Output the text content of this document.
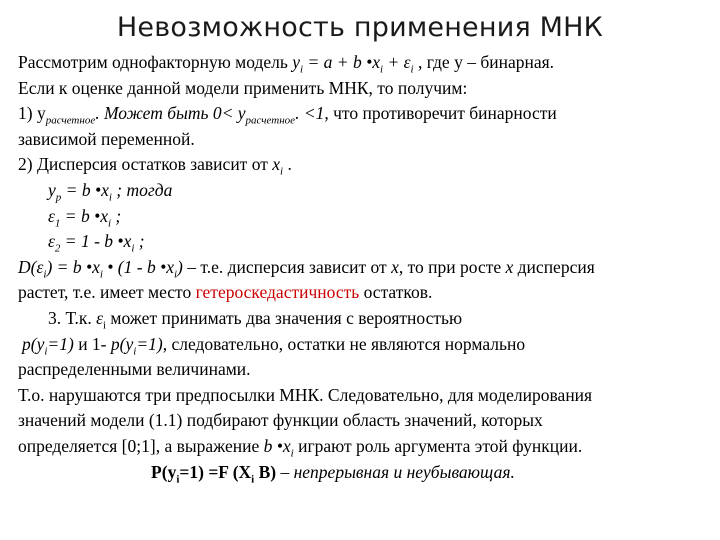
Невозможность применения МНК
Рассмотрим однофакторную модель $y_i = a + b$ $•x_i + \varepsilon_i$ , где y – бинарная.
Если к оценке данной модели применить МНК, то получим:
1) $y_{расчетное}$. Может быть $0< y_{расчетное}$. <1, что противоречит бинарности
зависимой переменной.
2) Дисперсия остатков зависит от $x_i$ .
$y_p = b$ $•x_i$ ; тогда
$\varepsilon_1 = b$ $•x_i$ ;
$\varepsilon_2 = 1 - b$ $•x_i$ ;
$D(\varepsilon_i) = b$ $•x_i$ • (1 - b $•x_i) - т.е$. дисперсия зависит от x, то при росте x дисперсия
растет, т.е. имеет место гетероскедастичность остатков.
3. Т.к. $\varepsilon_i$ может принимать два значения с вероятностью
$p(y_i=1)$ и 1- $p(y_i=1)$, следовательно, остатки не являются нормально
распределенными величинами.
Т.о. нарушаются три предпосылки МНК. Следовательно, для моделирования
значений модели (1.1) подбирают функции область значений, которых
определяется [0;1], а выражение b $•x_i$ играют роль аргумента этой функции.
$P(y_i=1) =F$ ($X_i$ B) – непрерывная и неубывающая.
